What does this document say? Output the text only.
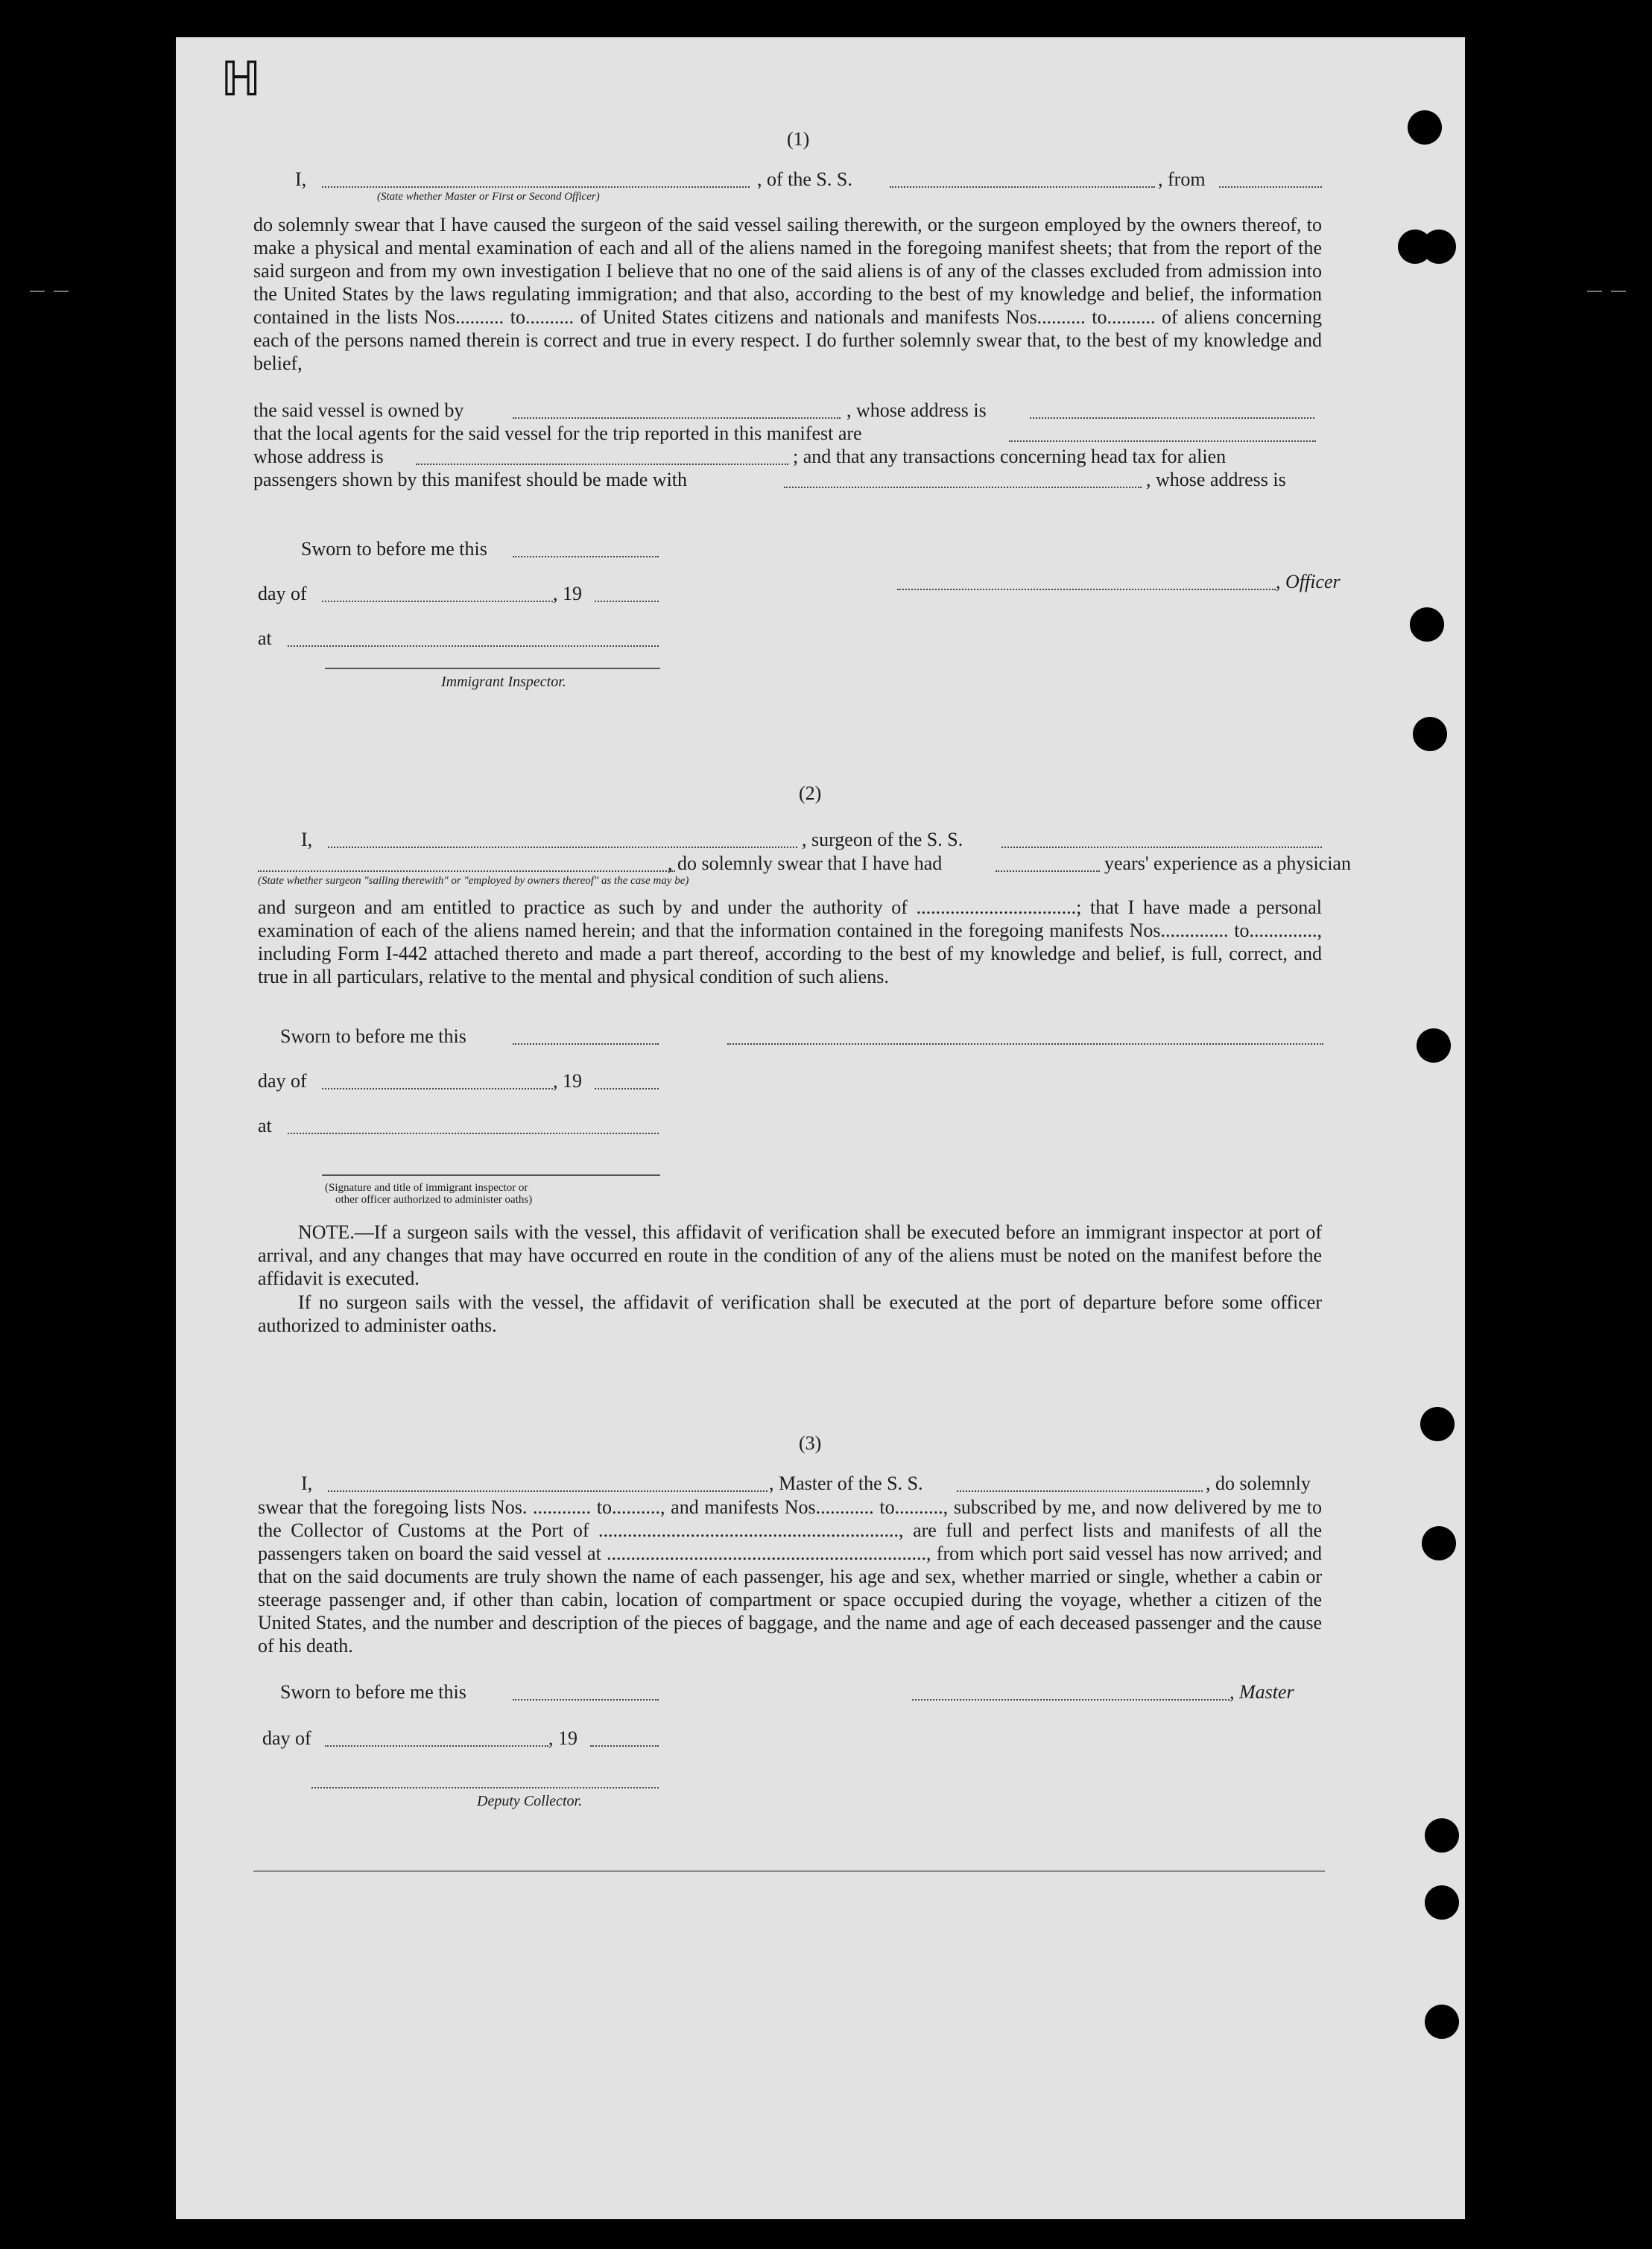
ℍ
(1)
I,	, of the S. S.	, from
(State whether Master or First or Second Officer)
do solemnly swear that I have caused the surgeon of the said vessel sailing therewith, or the surgeon employed by the owners thereof, to make a physical and mental examination of each and all of the aliens named in the foregoing manifest sheets; that from the report of the said surgeon and from my own investigation I believe that no one of the said aliens is of any of the classes excluded from admission into the United States by the laws regulating immigration; and that also, according to the best of my knowledge and belief, the information contained in the lists Nos.......... to.......... of United States citizens and nationals and manifests Nos.......... to.......... of aliens concerning each of the persons named therein is correct and true in every respect. I do further solemnly swear that, to the best of my knowledge and belief,
the said vessel is owned by	, whose address is
that the local agents for the said vessel for the trip reported in this manifest are
whose address is	; and that any transactions concerning head tax for alien
passengers shown by this manifest should be made with	, whose address is
Sworn to before me this
day of	, 19
, Officer
at
Immigrant Inspector.
(2)
I,	, surgeon of the S. S.
, do solemnly swear that I have had	years' experience as a physician
(State whether surgeon "sailing therewith" or "employed by owners thereof" as the case may be)
and surgeon and am entitled to practice as such by and under the authority of .................................; that I have made a personal examination of each of the aliens named herein; and that the information contained in the foregoing manifests Nos.............. to.............., including Form I-442 attached thereto and made a part thereof, according to the best of my knowledge and belief, is full, correct, and true in all particulars, relative to the mental and physical condition of such aliens.
Sworn to before me this
day of	, 19
at
(Signature and title of immigrant inspector or
other officer authorized to administer oaths)
NOTE.—If a surgeon sails with the vessel, this affidavit of verification shall be executed before an immigrant inspector at port of arrival, and any changes that may have occurred en route in the condition of any of the aliens must be noted on the manifest before the affidavit is executed.
If no surgeon sails with the vessel, the affidavit of verification shall be executed at the port of departure before some officer authorized to administer oaths.
(3)
I,	, Master of the S. S.	, do solemnly
swear that the foregoing lists Nos. ............ to.........., and manifests Nos............ to.........., subscribed by me, and now delivered by me to the Collector of Customs at the Port of .............................................................., are full and perfect lists and manifests of all the passengers taken on board the said vessel at .................................................................., from which port said vessel has now arrived; and that on the said documents are truly shown the name of each passenger, his age and sex, whether married or single, whether a cabin or steerage passenger and, if other than cabin, location of compartment or space occupied during the voyage, whether a citizen of the United States, and the number and description of the pieces of baggage, and the name and age of each deceased passenger and the cause of his death.
Sworn to before me this	, Master
day of	, 19
Deputy Collector.
